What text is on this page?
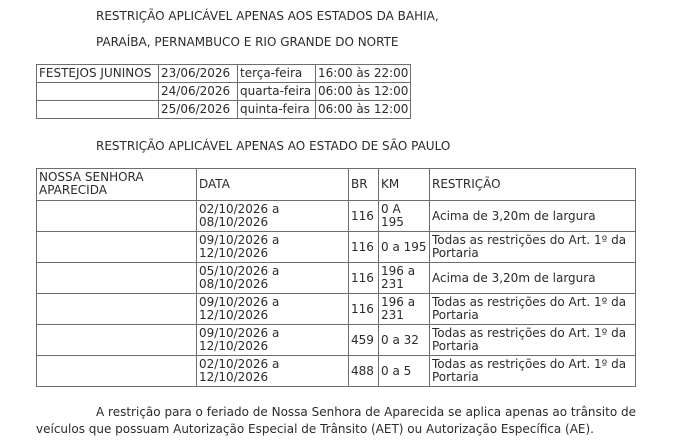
RESTRIÇÃO APLICÁVEL APENAS AOS ESTADOS DA BAHIA,
PARAÍBA, PERNAMBUCO E RIO GRANDE DO NORTE
FESTEJOS JUNINOS	23/06/2026	terça-feira	16:00 às 22:00
	24/06/2026	quarta-feira	06:00 às 12:00
	25/06/2026	quinta-feira	06:00 às 12:00
RESTRIÇÃO APLICÁVEL APENAS AO ESTADO DE SÃO PAULO
NOSSA SENHORA APARECIDA	DATA	BR	KM	RESTRIÇÃO
	02/10/2026 a 08/10/2026	116	0 A 195	Acima de 3,20m de largura
	09/10/2026 a 12/10/2026	116	0 a 195	Todas as restrições do Art. 1º da Portaria
	05/10/2026 a 08/10/2026	116	196 a 231	Acima de 3,20m de largura
	09/10/2026 a 12/10/2026	116	196 a 231	Todas as restrições do Art. 1º da Portaria
	09/10/2026 a 12/10/2026	459	0 a 32	Todas as restrições do Art. 1º da Portaria
	02/10/2026 a 12/10/2026	488	0 a 5	Todas as restrições do Art. 1º da Portaria
A restrição para o feriado de Nossa Senhora de Aparecida se aplica apenas ao trânsito de veículos que possuam Autorização Especial de Trânsito (AET) ou Autorização Específica (AE).
